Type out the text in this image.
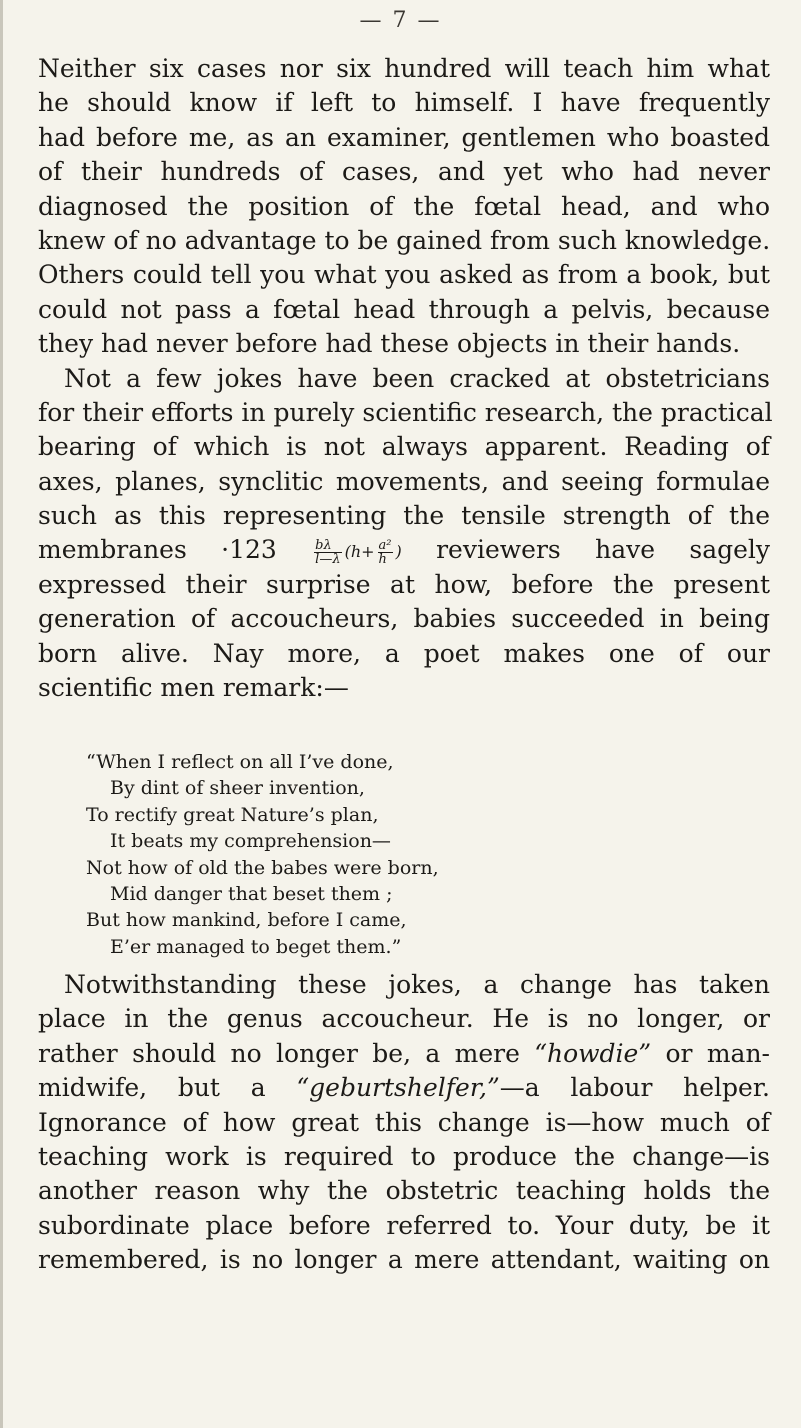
— 7 —
Neither six cases nor six hundred will teach him what
he should know if left to himself. I have frequently
had before me, as an examiner, gentlemen who boasted
of their hundreds of cases, and yet who had never
diagnosed the position of the fœtal head, and who
knew of no advantage to be gained from such knowledge.
Others could tell you what you asked as from a book, but
could not pass a fœtal head through a pelvis, because
they had never before had these objects in their hands.
Not a few jokes have been cracked at obstetricians
for their efforts in purely scientific research, the practical
bearing of which is not always apparent. Reading of
axes, planes, synclitic movements, and seeing formulae
such as this representing the tensile strength of the
membranes ·123	$\frac{b\lambda}{l—\lambda} (h+ \frac{\text{a²}}{h}$ ) reviewers have sagely
expressed their surprise at how, before the present
generation of accoucheurs, babies succeeded in being
born alive. Nay more, a poet makes one of our
scientific men remark:—
“When I reflect on all I’ve done,
By dint of sheer invention,
To rectify great Nature’s plan,
It beats my comprehension—
Not how of old the babes were born,
Mid danger that beset them ;
But how mankind, before I came,
E’er managed to beget them.”
Notwithstanding these jokes, a change has taken
place in the genus accoucheur. He is no longer, or
rather should no longer be, a mere “howdie” or man-
midwife, but a “geburtshelfer,”—a labour helper.
Ignorance of how great this change is—how much of
teaching work is required to produce the change—is
another reason why the obstetric teaching holds the
subordinate place before referred to. Your duty, be it
remembered, is no longer a mere attendant, waiting on
